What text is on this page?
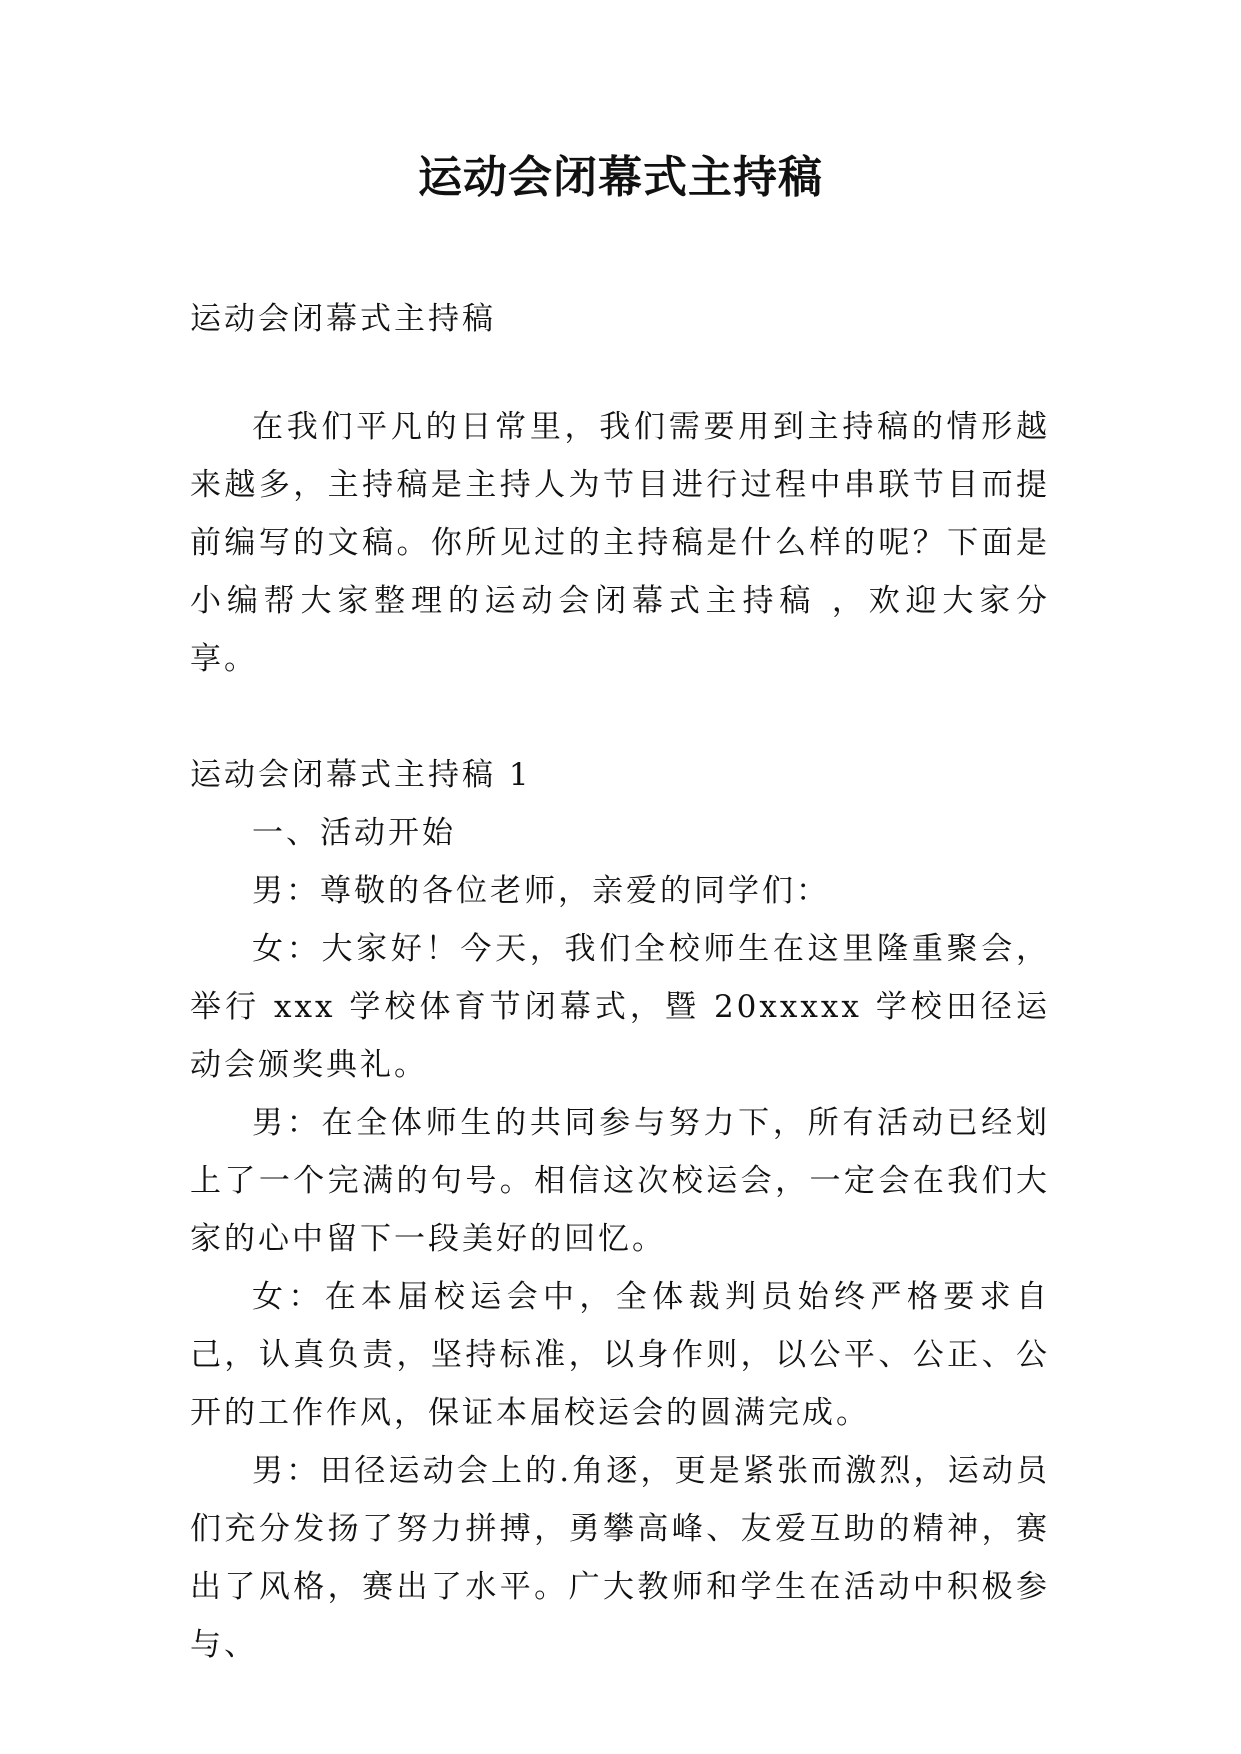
运动会闭幕式主持稿

运动会闭幕式主持稿

在我们平凡的日常里，我们需要用到主持稿的情形越来越多，主持稿是主持人为节目进行过程中串联节目而提前编写的文稿。你所见过的主持稿是什么样的呢？下面是小编帮大家整理的运动会闭幕式主持稿 ，欢迎大家分享。

运动会闭幕式主持稿 1

一、活动开始

男：尊敬的各位老师，亲爱的同学们：

女：大家好！今天，我们全校师生在这里隆重聚会，举行 xxx 学校体育节闭幕式，暨 20xxxxx 学校田径运动会颁奖典礼。

男：在全体师生的共同参与努力下，所有活动已经划上了一个完满的句号。相信这次校运会，一定会在我们大家的心中留下一段美好的回忆。

女：在本届校运会中，全体裁判员始终严格要求自己，认真负责，坚持标准，以身作则，以公平、公正、公开的工作作风，保证本届校运会的圆满完成。

男：田径运动会上的.角逐，更是紧张而激烈，运动员们充分发扬了努力拼搏，勇攀高峰、友爱互助的精神，赛出了风格，赛出了水平。广大教师和学生在活动中积极参与、
